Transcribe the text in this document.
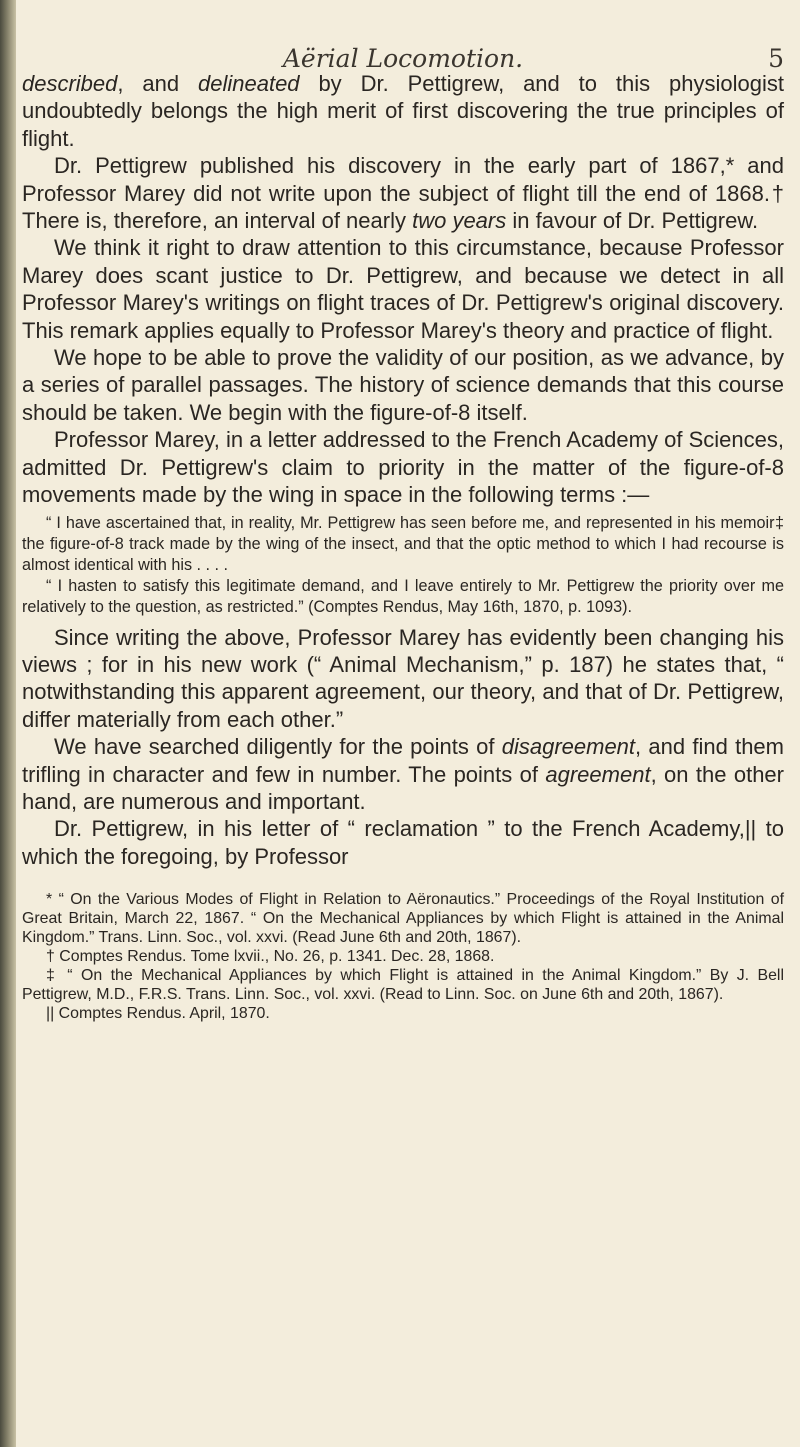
Aërial Locomotion.	5

described, and delineated by Dr. Pettigrew, and to this physiologist undoubtedly belongs the high merit of first discovering the true principles of flight.

Dr. Pettigrew published his discovery in the early part of 1867,* and Professor Marey did not write upon the subject of flight till the end of 1868.† There is, therefore, an interval of nearly two years in favour of Dr. Pettigrew.

We think it right to draw attention to this circumstance, because Professor Marey does scant justice to Dr. Pettigrew, and because we detect in all Professor Marey's writings on flight traces of Dr. Pettigrew's original discovery. This remark applies equally to Professor Marey's theory and practice of flight.

We hope to be able to prove the validity of our position, as we advance, by a series of parallel passages. The history of science demands that this course should be taken. We begin with the figure-of-8 itself.

Professor Marey, in a letter addressed to the French Academy of Sciences, admitted Dr. Pettigrew's claim to priority in the matter of the figure-of-8 movements made by the wing in space in the following terms :—

“ I have ascertained that, in reality, Mr. Pettigrew has seen before me, and represented in his memoir‡ the figure-of-8 track made by the wing of the insect, and that the optic method to which I had recourse is almost identical with his . . . .

“ I hasten to satisfy this legitimate demand, and I leave entirely to Mr. Pettigrew the priority over me relatively to the question, as restricted.” (Comptes Rendus, May 16th, 1870, p. 1093).

Since writing the above, Professor Marey has evidently been changing his views ; for in his new work (“ Animal Mechanism,” p. 187) he states that, “ notwithstanding this apparent agreement, our theory, and that of Dr. Pettigrew, differ materially from each other.”

We have searched diligently for the points of disagreement, and find them trifling in character and few in number. The points of agreement, on the other hand, are numerous and important.

Dr. Pettigrew, in his letter of “ reclamation ” to the French Academy,|| to which the foregoing, by Professor

* “ On the Various Modes of Flight in Relation to Aëronautics.” Proceedings of the Royal Institution of Great Britain, March 22, 1867. “ On the Mechanical Appliances by which Flight is attained in the Animal Kingdom.” Trans. Linn. Soc., vol. xxvi. (Read June 6th and 20th, 1867).

† Comptes Rendus. Tome lxvii., No. 26, p. 1341. Dec. 28, 1868.

‡ “ On the Mechanical Appliances by which Flight is attained in the Animal Kingdom.” By J. Bell Pettigrew, M.D., F.R.S. Trans. Linn. Soc., vol. xxvi. (Read to Linn. Soc. on June 6th and 20th, 1867).

|| Comptes Rendus. April, 1870.
